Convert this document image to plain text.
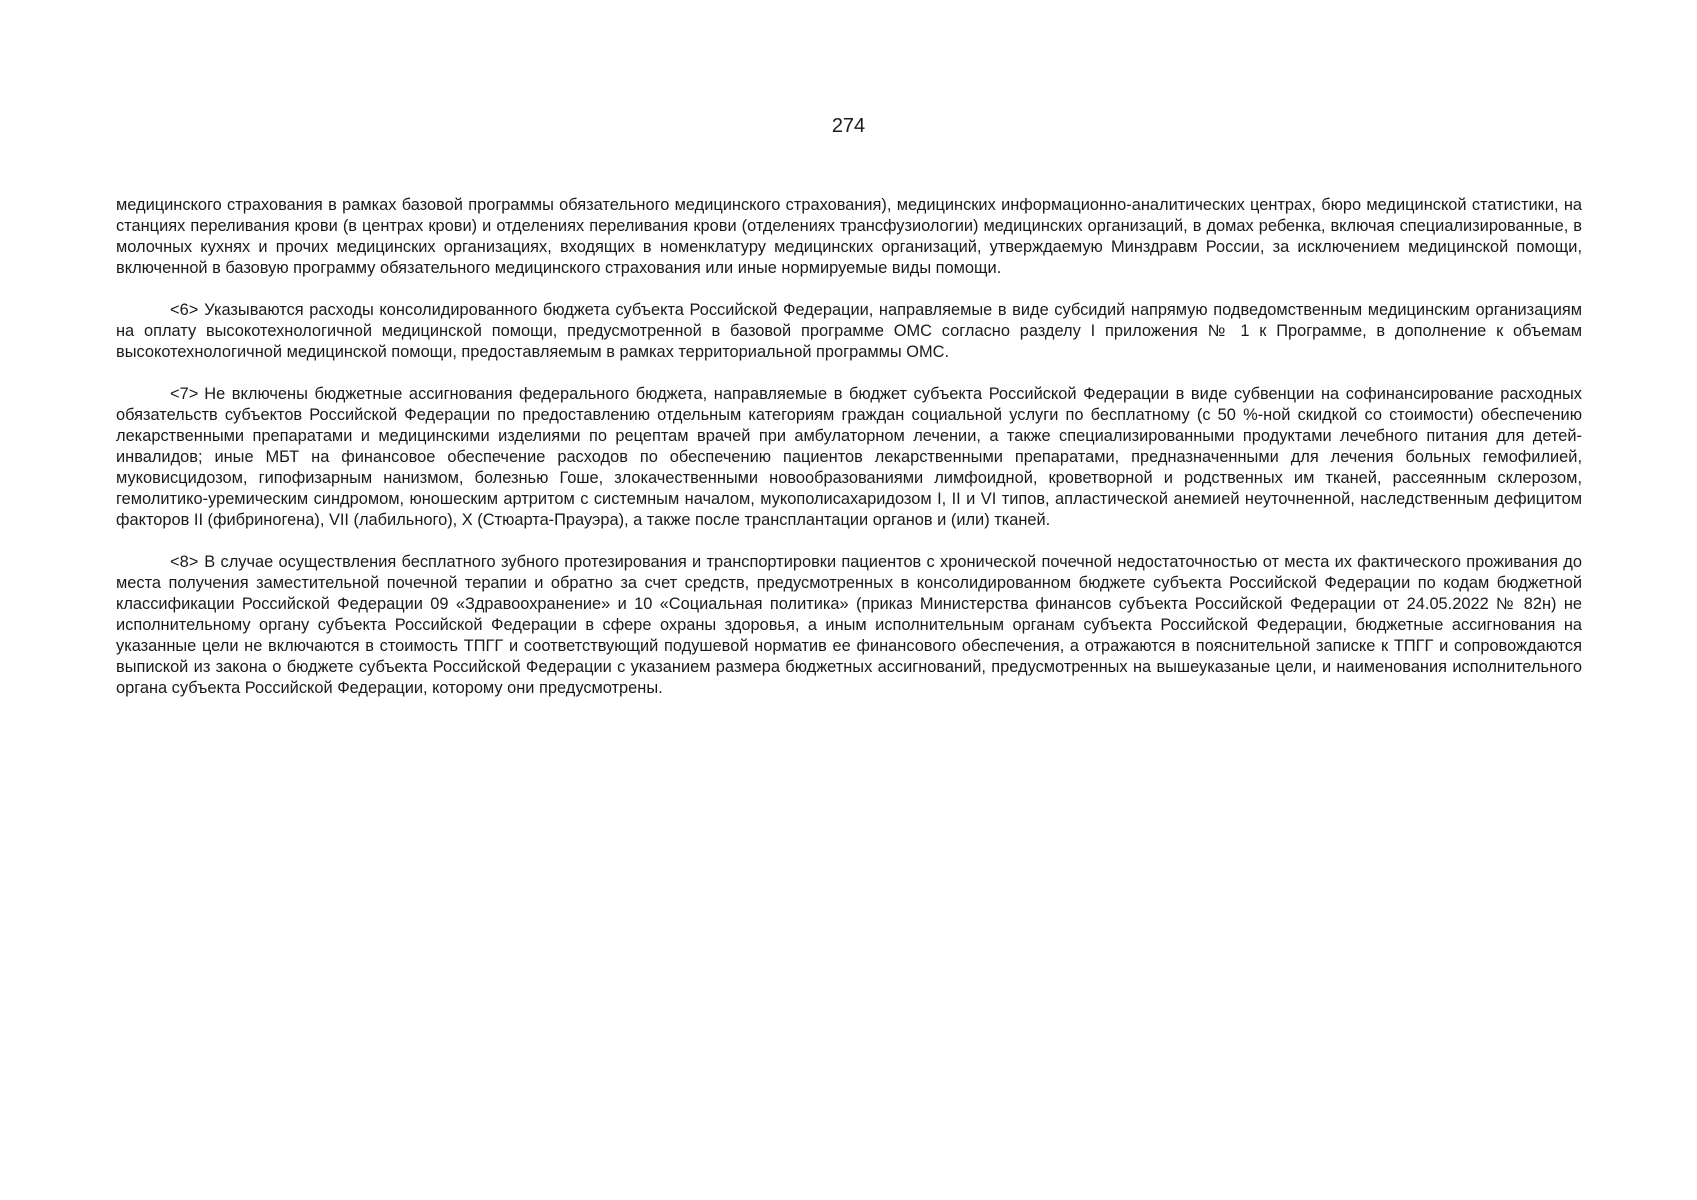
274

медицинского страхования в рамках базовой программы обязательного медицинского страхования), медицинских информационно-аналитических центрах, бюро медицинской статистики, на станциях переливания крови (в центрах крови) и отделениях переливания крови (отделениях трансфузиологии) медицинских организаций, в домах ребенка, включая специализированные, в молочных кухнях и прочих медицинских организациях, входящих в номенклатуру медицинских организаций, утверждаемую Минздравм России, за исключением медицинской помощи, включенной в базовую программу обязательного медицинского страхования или иные нормируемые виды помощи.

<6> Указываются расходы консолидированного бюджета субъекта Российской Федерации, направляемые в виде субсидий напрямую подведомственным медицинским организациям на оплату высокотехнологичной медицинской помощи, предусмотренной в базовой программе ОМС согласно разделу I приложения № 1 к Программе, в дополнение к объемам высокотехнологичной медицинской помощи, предоставляемым в рамках территориальной программы ОМС.

<7> Не включены бюджетные ассигнования федерального бюджета, направляемые в бюджет субъекта Российской Федерации в виде субвенции на софинансирование расходных обязательств субъектов Российской Федерации по предоставлению отдельным категориям граждан социальной услуги по бесплатному (с 50 %-ной скидкой со стоимости) обеспечению лекарственными препаратами и медицинскими изделиями по рецептам врачей при амбулаторном лечении, а также специализированными продуктами лечебного питания для детей-инвалидов; иные МБТ на финансовое обеспечение расходов по обеспечению пациентов лекарственными препаратами, предназначенными для лечения больных гемофилией, муковисцидозом, гипофизарным нанизмом, болезнью Гоше, злокачественными новообразованиями лимфоидной, кроветворной и родственных им тканей, рассеянным склерозом, гемолитико-уремическим синдромом, юношеским артритом с системным началом, мукополисахаридозом I, II и VI типов, апластической анемией неуточненной, наследственным дефицитом факторов II (фибриногена), VII (лабильного), X (Стюарта-Прауэра), а также после трансплантации органов и (или) тканей.

<8> В случае осуществления бесплатного зубного протезирования и транспортировки пациентов с хронической почечной недостаточностью от места их фактического проживания до места получения заместительной почечной терапии и обратно за счет средств, предусмотренных в консолидированном бюджете субъекта Российской Федерации по кодам бюджетной классификации Российской Федерации 09 «Здравоохранение» и 10 «Социальная политика» (приказ Министерства финансов субъекта Российской Федерации от 24.05.2022 № 82н) не исполнительному органу субъекта Российской Федерации в сфере охраны здоровья, а иным исполнительным органам субъекта Российской Федерации, бюджетные ассигнования на указанные цели не включаются в стоимость ТПГГ и соответствующий подушевой норматив ее финансового обеспечения, а отражаются в пояснительной записке к ТПГГ и сопровождаются выпиской из закона о бюджете субъекта Российской Федерации с указанием размера бюджетных ассигнований, предусмотренных на вышеуказаные цели, и наименования исполнительного органа субъекта Российской Федерации, которому они предусмотрены.
